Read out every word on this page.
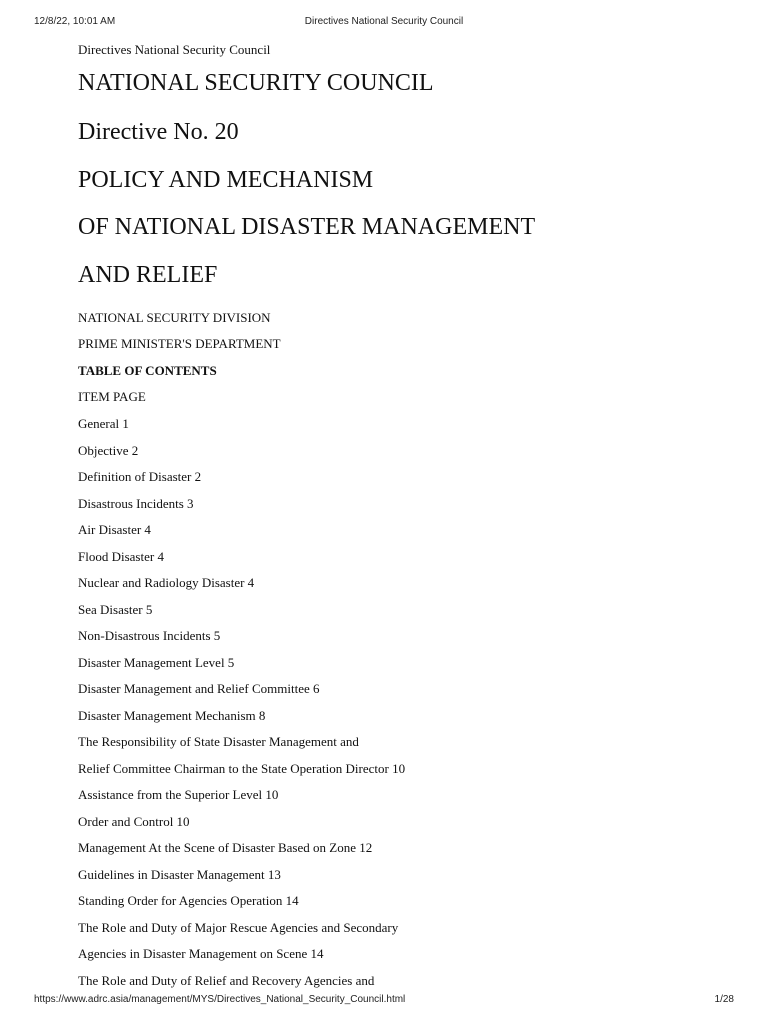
12/8/22, 10:01 AM	Directives National Security Council

Directives National Security Council

NATIONAL SECURITY COUNCIL
Directive No. 20
POLICY AND MECHANISM
OF NATIONAL DISASTER MANAGEMENT
AND RELIEF

NATIONAL SECURITY DIVISION

PRIME MINISTER'S DEPARTMENT

TABLE OF CONTENTS

ITEM PAGE

General 1

Objective 2

Definition of Disaster 2

Disastrous Incidents 3

Air Disaster 4

Flood Disaster 4

Nuclear and Radiology Disaster 4

Sea Disaster 5

Non-Disastrous Incidents 5

Disaster Management Level 5

Disaster Management and Relief Committee 6

Disaster Management Mechanism 8

The Responsibility of State Disaster Management and

Relief Committee Chairman to the State Operation Director 10

Assistance from the Superior Level 10

Order and Control 10

Management At the Scene of Disaster Based on Zone 12

Guidelines in Disaster Management 13

Standing Order for Agencies Operation 14

The Role and Duty of Major Rescue Agencies and Secondary

Agencies in Disaster Management on Scene 14

The Role and Duty of Relief and Recovery Agencies and

https://www.adrc.asia/management/MYS/Directives_National_Security_Council.html	1/28
